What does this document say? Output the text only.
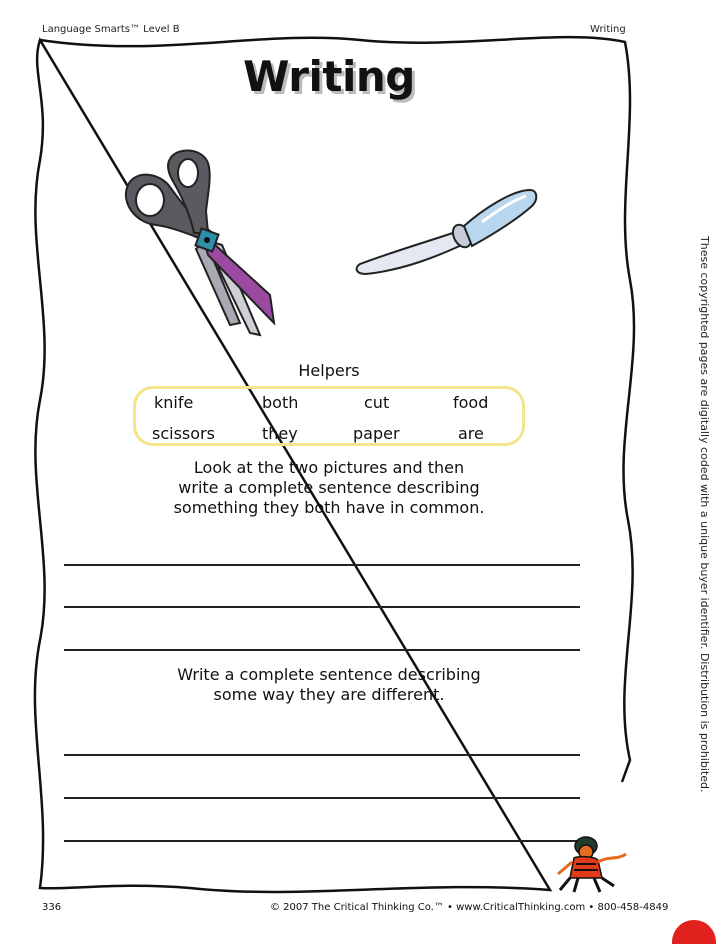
Language Smarts™ Level B	Writing
Writing
Helpers
knife	both	cut	food
scissors	they	paper	are
Look at the two pictures and then
write a complete sentence describing
something they both have in common.
Write a complete sentence describing
some way they are different.
336	© 2007 The Critical Thinking Co.™ • www.CriticalThinking.com • 800-458-4849
These copyrighted pages are digitally coded with a unique buyer identifier. Distribution is prohibited.
